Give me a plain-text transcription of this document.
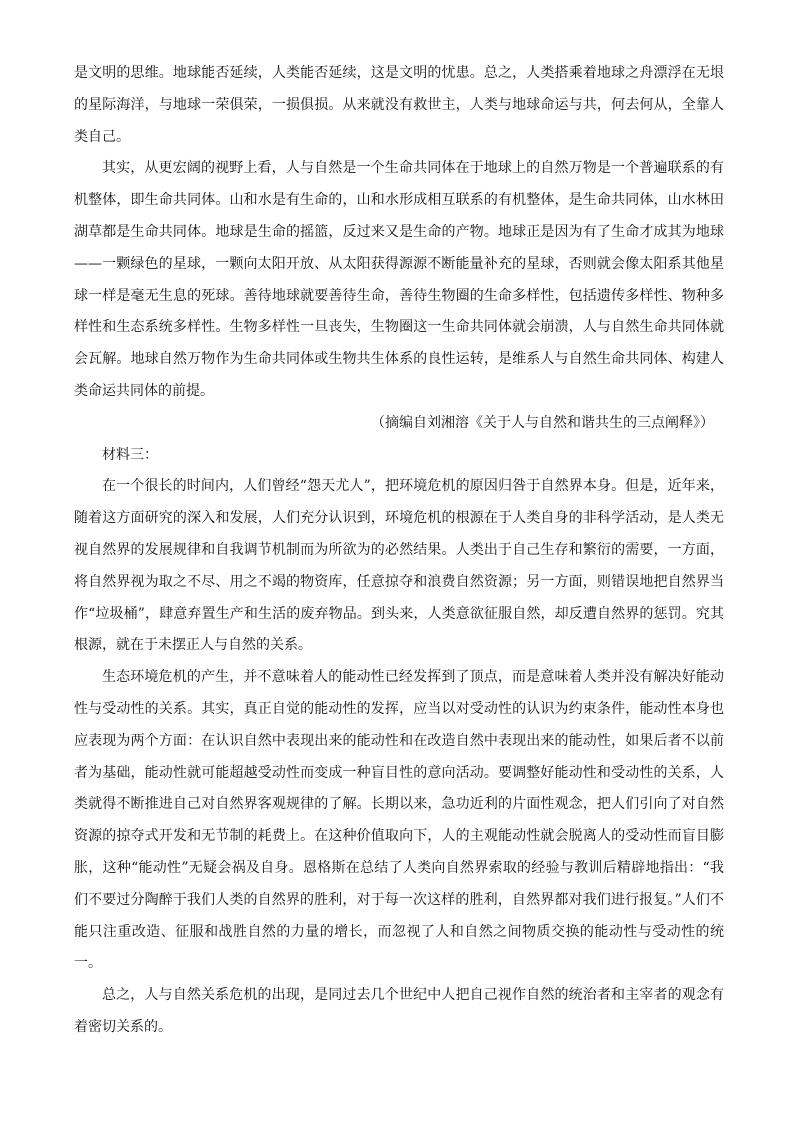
是文明的思维。地球能否延续，人类能否延续，这是文明的忧患。总之，人类搭乘着地球之舟漂浮在无垠的星际海洋，与地球一荣俱荣，一损俱损。从来就没有救世主，人类与地球命运与共，何去何从，全靠人类自己。

其实，从更宏阔的视野上看，人与自然是一个生命共同体在于地球上的自然万物是一个普遍联系的有机整体，即生命共同体。山和水是有生命的，山和水形成相互联系的有机整体，是生命共同体，山水林田湖草都是生命共同体。地球是生命的摇篮，反过来又是生命的产物。地球正是因为有了生命才成其为地球——一颗绿色的星球，一颗向太阳开放、从太阳获得源源不断能量补充的星球，否则就会像太阳系其他星球一样是毫无生息的死球。善待地球就要善待生命，善待生物圈的生命多样性，包括遗传多样性、物种多样性和生态系统多样性。生物多样性一旦丧失，生物圈这一生命共同体就会崩溃，人与自然生命共同体就会瓦解。地球自然万物作为生命共同体或生物共生体系的良性运转，是维系人与自然生命共同体、构建人类命运共同体的前提。

（摘编自刘湘溶《关于人与自然和谐共生的三点阐释》）

材料三：

在一个很长的时间内，人们曾经“怨天尤人”，把环境危机的原因归咎于自然界本身。但是，近年来，随着这方面研究的深入和发展，人们充分认识到，环境危机的根源在于人类自身的非科学活动，是人类无视自然界的发展规律和自我调节机制而为所欲为的必然结果。人类出于自己生存和繁衍的需要，一方面，将自然界视为取之不尽、用之不竭的物资库，任意掠夺和浪费自然资源；另一方面，则错误地把自然界当作“垃圾桶”，肆意弃置生产和生活的废弃物品。到头来，人类意欲征服自然，却反遭自然界的惩罚。究其根源，就在于未摆正人与自然的关系。

生态环境危机的产生，并不意味着人的能动性已经发挥到了顶点，而是意味着人类并没有解决好能动性与受动性的关系。其实，真正自觉的能动性的发挥，应当以对受动性的认识为约束条件，能动性本身也应表现为两个方面：在认识自然中表现出来的能动性和在改造自然中表现出来的能动性，如果后者不以前者为基础，能动性就可能超越受动性而变成一种盲目性的意向活动。要调整好能动性和受动性的关系，人类就得不断推进自己对自然界客观规律的了解。长期以来，急功近利的片面性观念，把人们引向了对自然资源的掠夺式开发和无节制的耗费上。在这种价值取向下，人的主观能动性就会脱离人的受动性而盲目膨胀，这种“能动性”无疑会祸及自身。恩格斯在总结了人类向自然界索取的经验与教训后精辟地指出：“我们不要过分陶醉于我们人类的自然界的胜利，对于每一次这样的胜利，自然界都对我们进行报复。”人们不能只注重改造、征服和战胜自然的力量的增长，而忽视了人和自然之间物质交换的能动性与受动性的统一。

总之，人与自然关系危机的出现，是同过去几个世纪中人把自己视作自然的统治者和主宰者的观念有着密切关系的。
